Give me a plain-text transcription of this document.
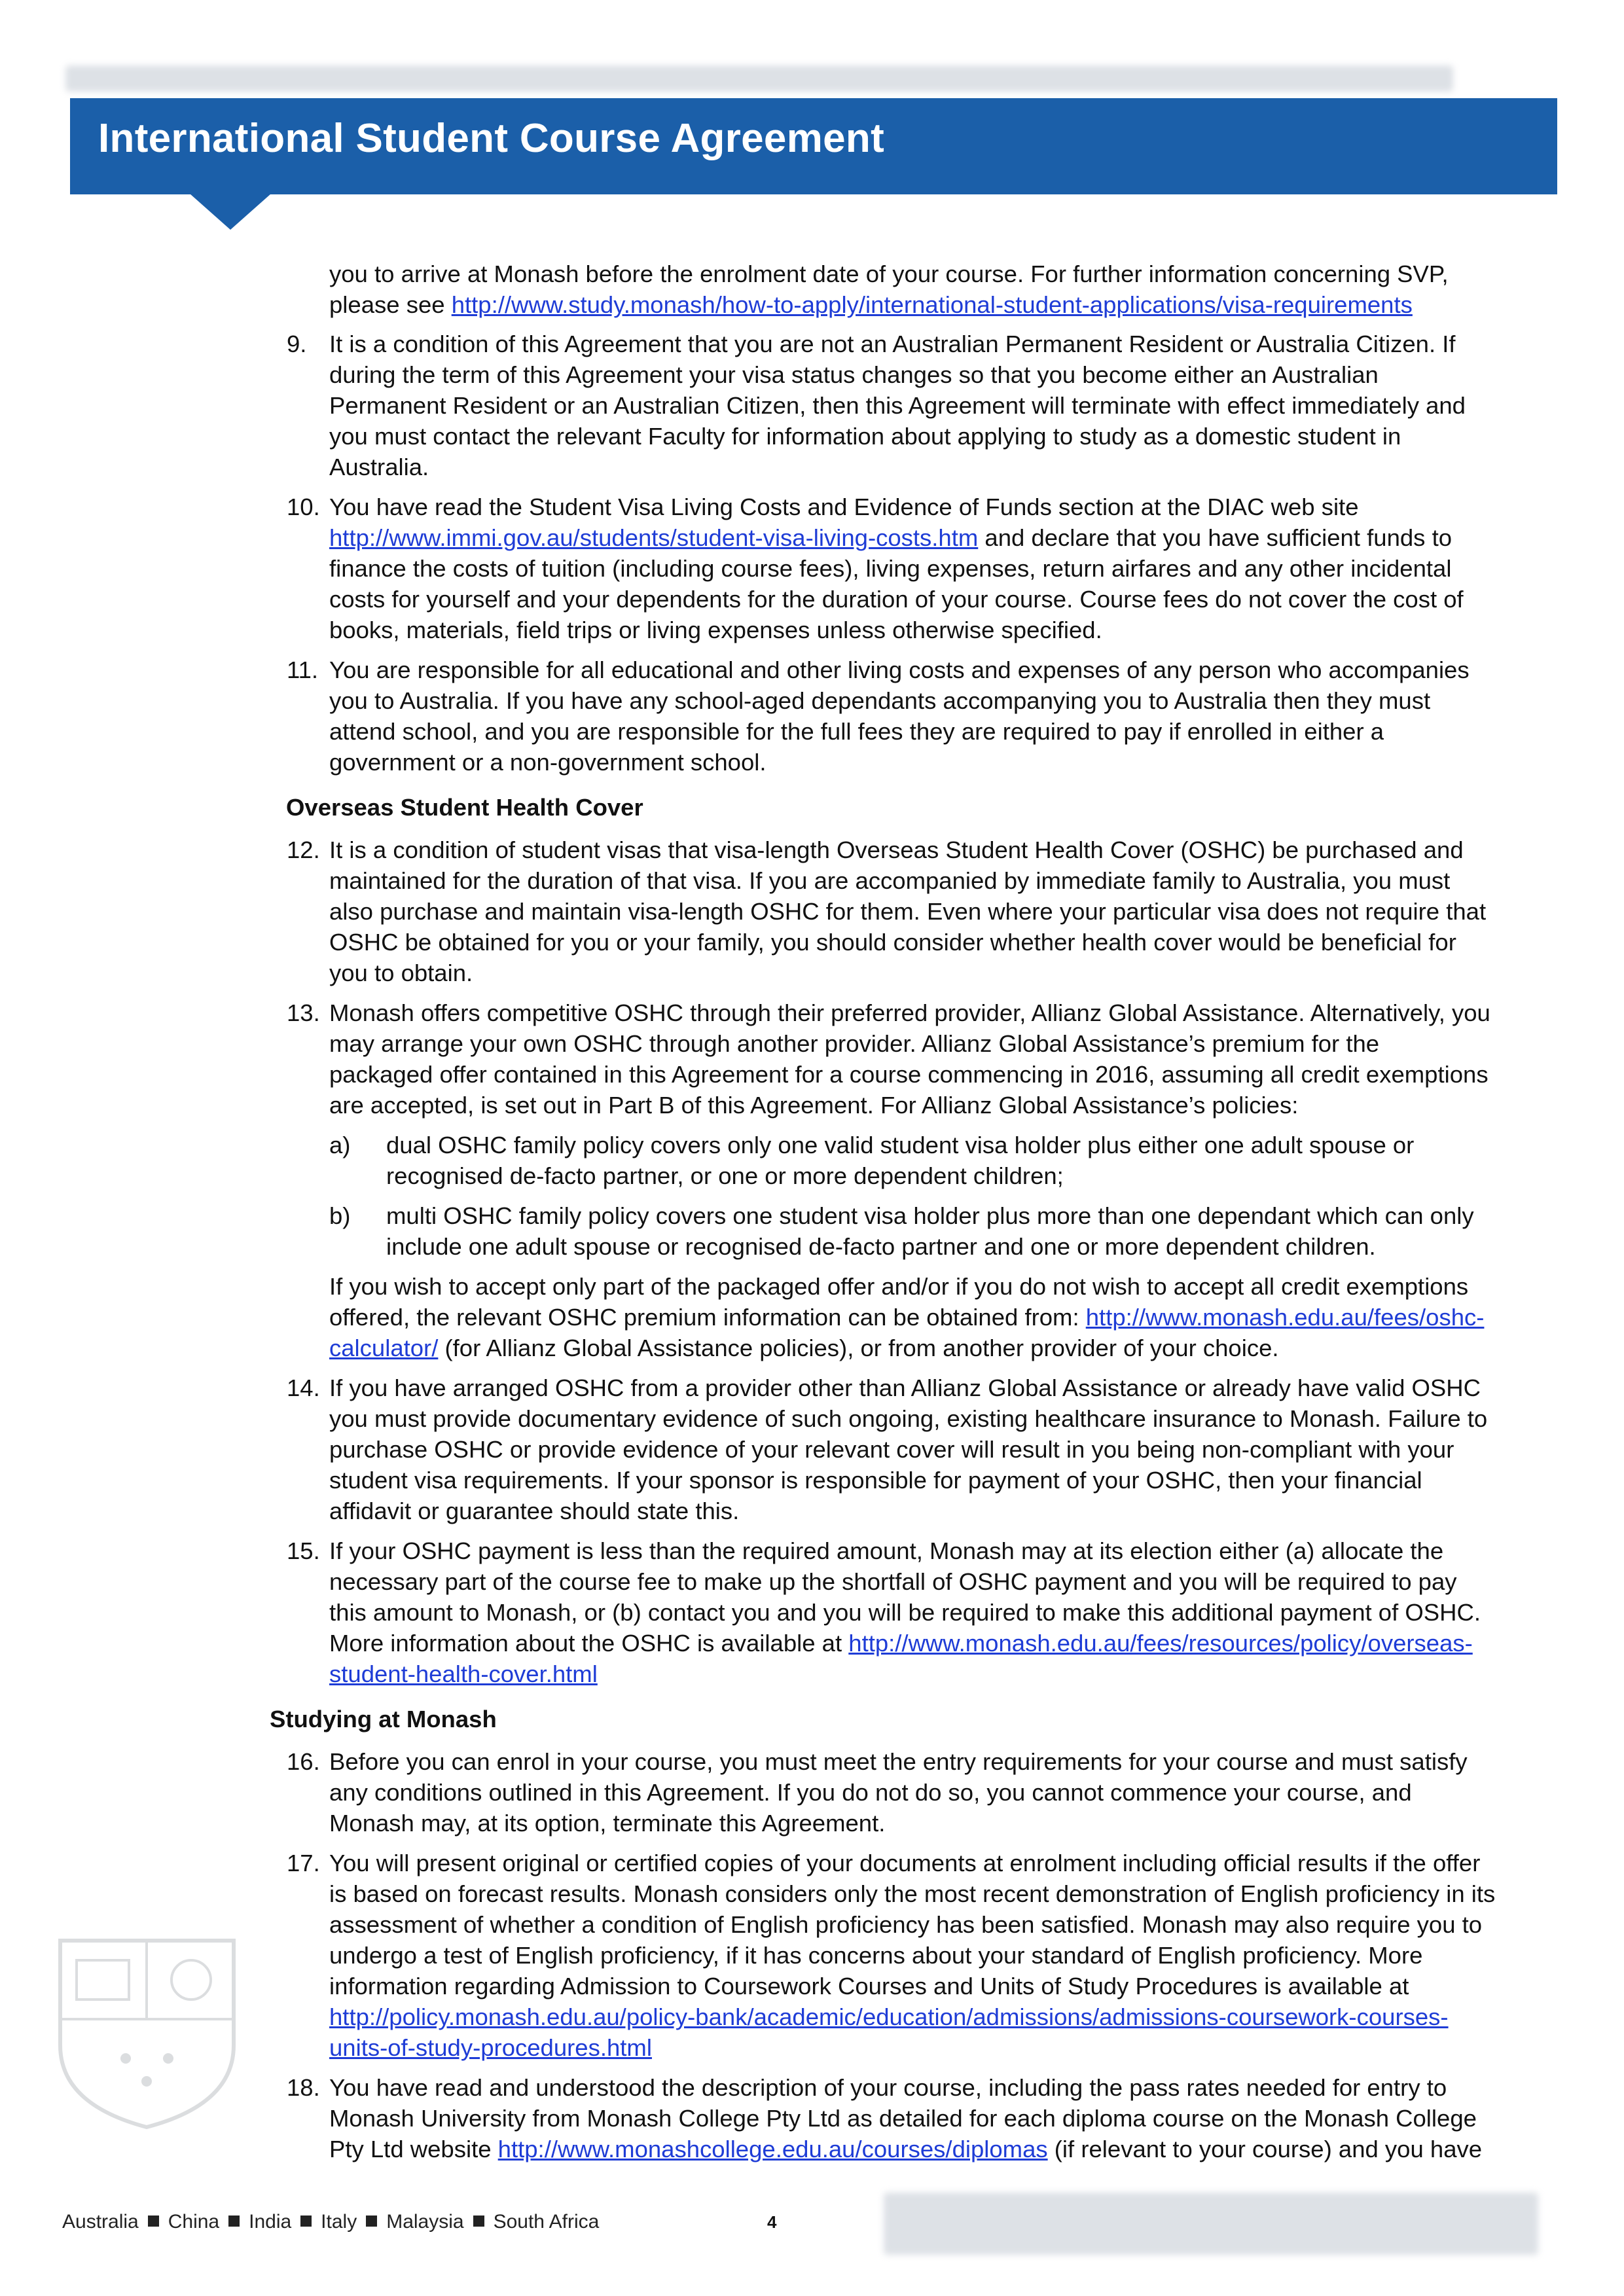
International Student Course Agreement
you to arrive at Monash before the enrolment date of your course. For further information concerning SVP,
please see http://www.study.monash/how-to-apply/international-student-applications/visa-requirements
9. It is a condition of this Agreement that you are not an Australian Permanent Resident or Australia Citizen. If
during the term of this Agreement your visa status changes so that you become either an Australian
Permanent Resident or an Australian Citizen, then this Agreement will terminate with effect immediately and
you must contact the relevant Faculty for information about applying to study as a domestic student in
Australia.
10. You have read the Student Visa Living Costs and Evidence of Funds section at the DIAC web site
http://www.immi.gov.au/students/student-visa-living-costs.htm and declare that you have sufficient funds to
finance the costs of tuition (including course fees), living expenses, return airfares and any other incidental
costs for yourself and your dependents for the duration of your course. Course fees do not cover the cost of
books, materials, field trips or living expenses unless otherwise specified.
11. You are responsible for all educational and other living costs and expenses of any person who accompanies
you to Australia. If you have any school-aged dependants accompanying you to Australia then they must
attend school, and you are responsible for the full fees they are required to pay if enrolled in either a
government or a non-government school.
12. It is a condition of student visas that visa-length Overseas Student Health Cover (OSHC) be purchased and
maintained for the duration of that visa. If you are accompanied by immediate family to Australia, you must
also purchase and maintain visa-length OSHC for them. Even where your particular visa does not require that
OSHC be obtained for you or your family, you should consider whether health cover would be beneficial for
you to obtain.
13. Monash offers competitive OSHC through their preferred provider, Allianz Global Assistance. Alternatively, you
may arrange your own OSHC through another provider. Allianz Global Assistance’s premium for the
packaged offer contained in this Agreement for a course commencing in 2016, assuming all credit exemptions
are accepted, is set out in Part B of this Agreement. For Allianz Global Assistance’s policies:
a) dual OSHC family policy covers only one valid student visa holder plus either one adult spouse or
recognised de-facto partner, or one or more dependent children;
b) multi OSHC family policy covers one student visa holder plus more than one dependant which can only
include one adult spouse or recognised de-facto partner and one or more dependent children.
If you wish to accept only part of the packaged offer and/or if you do not wish to accept all credit exemptions
offered, the relevant OSHC premium information can be obtained from: http://www.monash.edu.au/fees/oshc-
calculator/ (for Allianz Global Assistance policies), or from another provider of your choice.
14. If you have arranged OSHC from a provider other than Allianz Global Assistance or already have valid OSHC
you must provide documentary evidence of such ongoing, existing healthcare insurance to Monash. Failure to
purchase OSHC or provide evidence of your relevant cover will result in you being non-compliant with your
student visa requirements. If your sponsor is responsible for payment of your OSHC, then your financial
affidavit or guarantee should state this.
15. If your OSHC payment is less than the required amount, Monash may at its election either (a) allocate the
necessary part of the course fee to make up the shortfall of OSHC payment and you will be required to pay
this amount to Monash, or (b) contact you and you will be required to make this additional payment of OSHC.
More information about the OSHC is available at http://www.monash.edu.au/fees/resources/policy/overseas-
student-health-cover.html
16. Before you can enrol in your course, you must meet the entry requirements for your course and must satisfy
any conditions outlined in this Agreement. If you do not do so, you cannot commence your course, and
Monash may, at its option, terminate this Agreement.
17. You will present original or certified copies of your documents at enrolment including official results if the offer
is based on forecast results. Monash considers only the most recent demonstration of English proficiency in its
assessment of whether a condition of English proficiency has been satisfied. Monash may also require you to
undergo a test of English proficiency, if it has concerns about your standard of English proficiency. More
information regarding Admission to Coursework Courses and Units of Study Procedures is available at
http://policy.monash.edu.au/policy-bank/academic/education/admissions/admissions-coursework-courses-
units-of-study-procedures.html
18. You have read and understood the description of your course, including the pass rates needed for entry to
Monash University from Monash College Pty Ltd as detailed for each diploma course on the Monash College
Pty Ltd website http://www.monashcollege.edu.au/courses/diplomas (if relevant to your course) and you have
Overseas Student Health Cover
Studying at Monash
Australia China India Italy Malaysia South Africa	4
